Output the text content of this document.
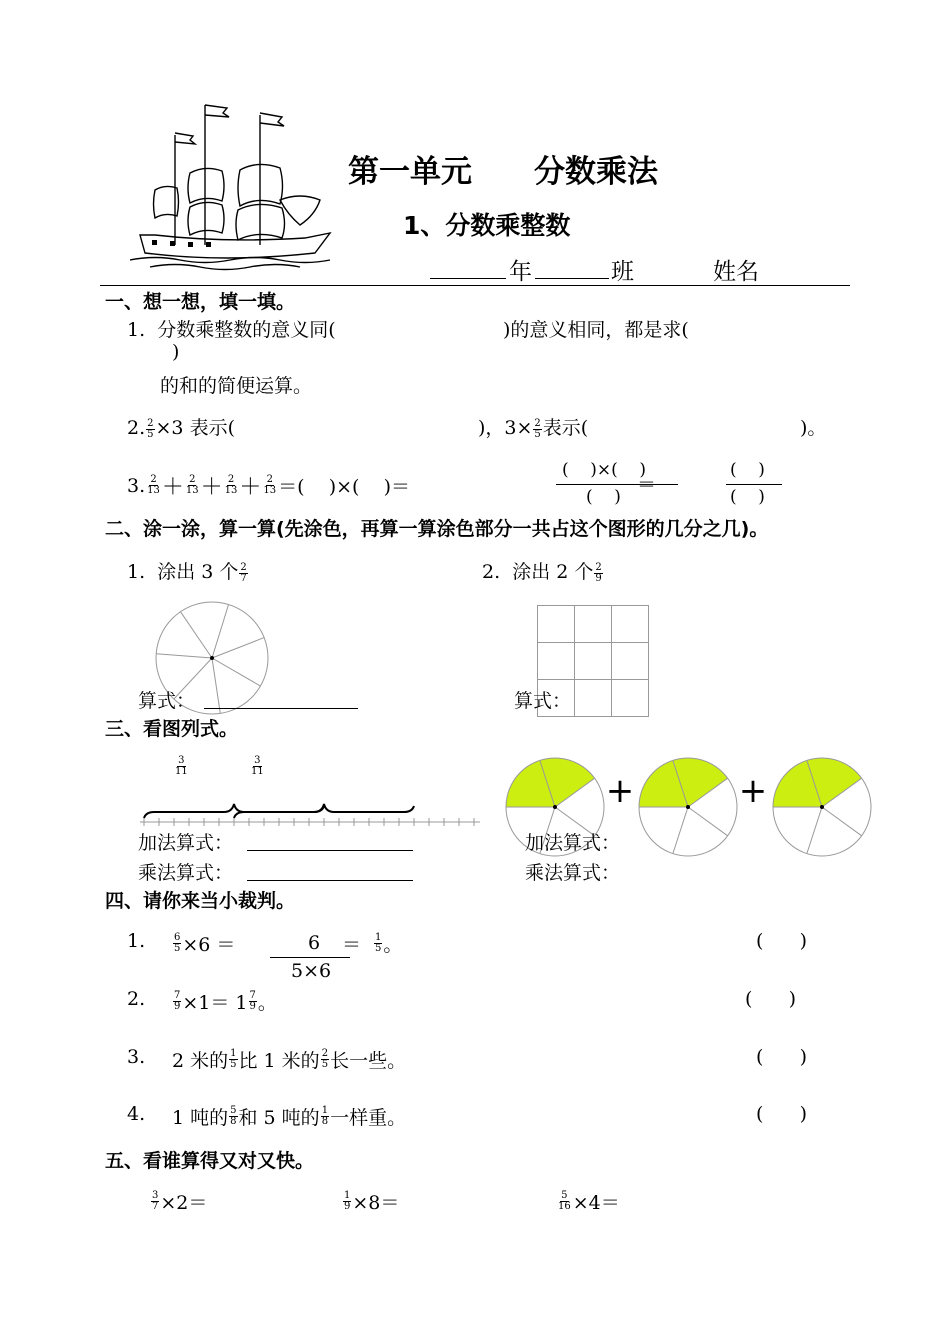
第一单元　　分数乘法
1、分数乘整数
年	班	姓名
一、想一想，填一填。
1.  分数乘整数的意义同(	)的意义相同，都是求(
)
的和的简便运算。
2. $\frac{2}{5} \times 3$ 表示(	)，$3\times \frac{2}{5}$ 表示(	)。
3. 2
13 ＋ 2
13 ＋ 2
13 ＋ 2
13 ＝(    )×(    )＝
(    )×(    )
(    )
＝
(    )
(    )
二、涂一涂，算一算(先涂色，再算一算涂色部分一共占这个图形的几分之几)。
1.  涂出 3 个 $\frac{2}{7}$	2.  涂出 2 个 $\frac{2}{9}$
算式：	算式：
三、看图列式。
$\frac{3}{11}$	$\frac{3}{11}$
加法算式：
乘法算式：
+	+
加法算式：
乘法算式：
四、请你来当小裁判。
1.	$\frac{6}{5} \times 6$ ＝	6
5×6
＝ 1
5 。	(      )
2.	$\frac{7}{9} \times 1= 1$ 7
9 。	(      )
3. 2 米的 1
5 比 1 米的 2
5 长一些。	(      )
4. 1 吨的 5
8 和 5 吨的 1
8 一样重。	(      )
五、看谁算得又对又快。
$\frac{3}{7} \times 2=$	$\frac{1}{9} \times 8=$	$\frac{5}{16} \times 4=$
